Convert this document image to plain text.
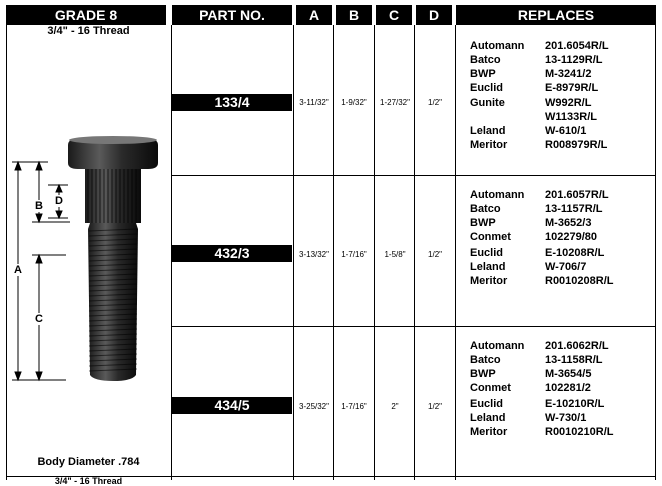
GRADE 8	PART NO.	A	B	C	D	REPLACES
3/4" - 16 Thread
Body Diameter .784
3/4" - 16 Thread
A
B D
C
133/4	3-11/32"	1-9/32"	1-27/32"	1/2"
Automann 201.6054R/L
Batco	13-1129R/L
BWP	M-3241/2
Euclid	E-8979R/L
Gunite	W992R/L
W1133R/L
Leland	W-610/1
Meritor	R008979R/L
432/3	3-13/32"	1-7/16"	1-5/8"	1/2"
Automann 201.6057R/L
Batco	13-1157R/L
BWP	M-3652/3
Conmet	102279/80
Euclid	E-10208R/L
Leland	W-706/7
Meritor	R0010208R/L
434/5	3-25/32"	1-7/16"	2"	1/2"
Automann 201.6062R/L
Batco	13-1158R/L
BWP	M-3654/5
Conmet	102281/2
Euclid	E-10210R/L
Leland	W-730/1
Meritor	R0010210R/L
